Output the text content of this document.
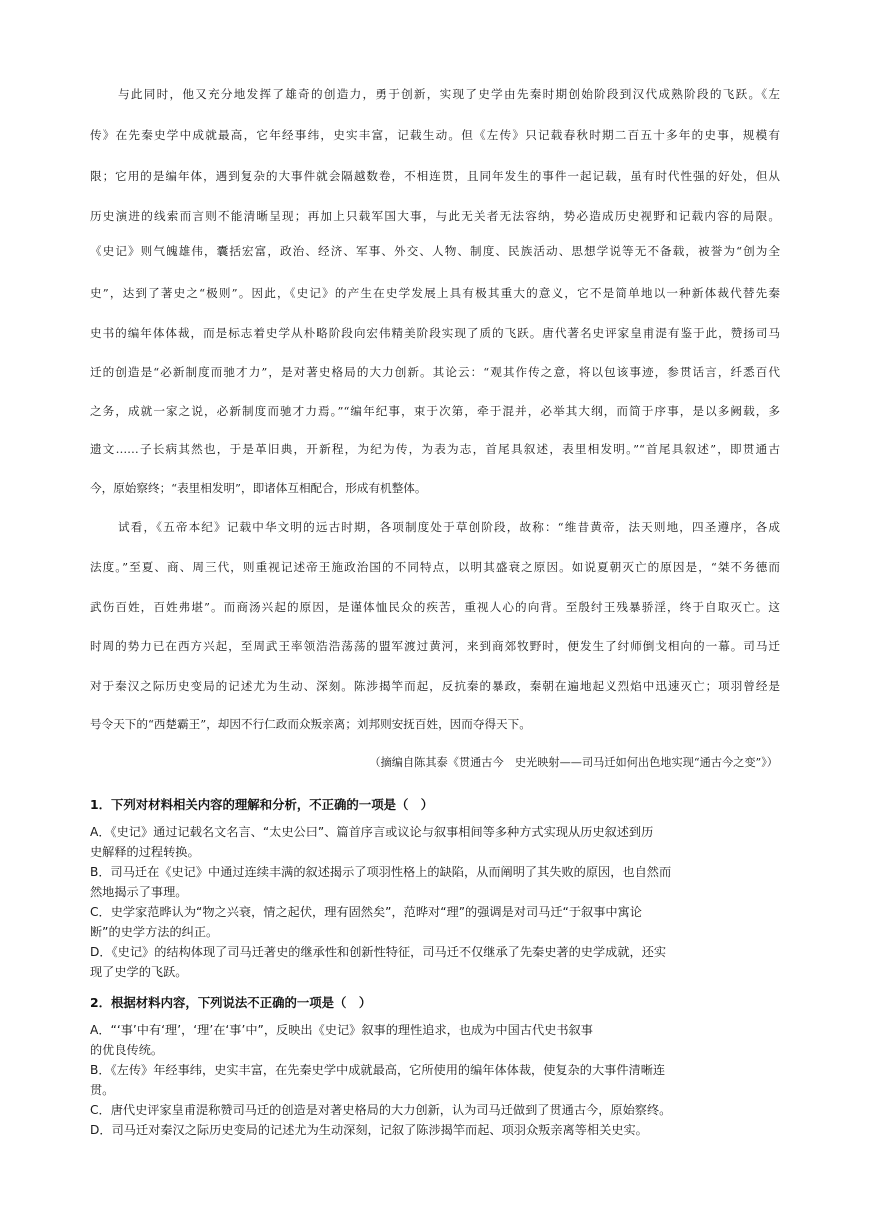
与此同时，他又充分地发挥了雄奇的创造力，勇于创新，实现了史学由先秦时期创始阶段到汉代成熟阶段的飞跃。《左
传》在先秦史学中成就最高，它年经事纬，史实丰富，记载生动。但《左传》只记载春秋时期二百五十多年的史事，规模有
限；它用的是编年体，遇到复杂的大事件就会隔越数卷，不相连贯，且同年发生的事件一起记载，虽有时代性强的好处，但从
历史演进的线索而言则不能清晰呈现；再加上只载军国大事，与此无关者无法容纳，势必造成历史视野和记载内容的局限。
《史记》则气魄雄伟，囊括宏富，政治、经济、军事、外交、人物、制度、民族活动、思想学说等无不备载，被誉为“创为全
史”，达到了著史之“极则”。因此，《史记》的产生在史学发展上具有极其重大的意义，它不是简单地以一种新体裁代替先秦
史书的编年体体裁，而是标志着史学从朴略阶段向宏伟精美阶段实现了质的飞跃。唐代著名史评家皇甫湜有鉴于此，赞扬司马
迁的创造是“必新制度而驰才力”，是对著史格局的大力创新。其论云：“观其作传之意，将以包该事迹，参贯话言，纤悉百代
之务，成就一家之说，必新制度而驰才力焉。”“编年纪事，束于次第，牵于混并，必举其大纲，而简于序事，是以多阙载，多
遗文……子长病其然也，于是革旧典，开新程，为纪为传，为表为志，首尾具叙述，表里相发明。”“首尾具叙述”，即贯通古
今，原始察终；“表里相发明”，即诸体互相配合，形成有机整体。
试看，《五帝本纪》记载中华文明的远古时期，各项制度处于草创阶段，故称：“维昔黄帝，法天则地，四圣遵序，各成
法度。”至夏、商、周三代，则重视记述帝王施政治国的不同特点，以明其盛衰之原因。如说夏朝灭亡的原因是，“桀不务德而
武伤百姓，百姓弗堪”。而商汤兴起的原因，是谨体恤民众的疾苦，重视人心的向背。至殷纣王残暴骄淫，终于自取灭亡。这
时周的势力已在西方兴起，至周武王率领浩浩荡荡的盟军渡过黄河，来到商郊牧野时，便发生了纣师倒戈相向的一幕。司马迁
对于秦汉之际历史变局的记述尤为生动、深刻。陈涉揭竿而起，反抗秦的暴政，秦朝在遍地起义烈焰中迅速灭亡；项羽曾经是
号令天下的“西楚霸王”，却因不行仁政而众叛亲离；刘邦则安抚百姓，因而夺得天下。
（摘编自陈其泰《贯通古今　史光映射——司马迁如何出色地实现“通古今之变”》）
1．下列对材料相关内容的理解和分析，不正确的一项是（　）
A．《史记》通过记载名文名言、“太史公曰”、篇首序言或议论与叙事相间等多种方式实现从历史叙述到历
史解释的过程转换。
B．司马迁在《史记》中通过连续丰满的叙述揭示了项羽性格上的缺陷，从而阐明了其失败的原因，也自然而
然地揭示了事理。
C．史学家范晔认为“物之兴衰，情之起伏，理有固然矣”，范晔对“理”的强调是对司马迁“于叙事中寓论
断”的史学方法的纠正。
D．《史记》的结构体现了司马迁著史的继承性和创新性特征，司马迁不仅继承了先秦史著的史学成就，还实
现了史学的飞跃。
2．根据材料内容，下列说法不正确的一项是（　）
A．“‘事’中有‘理’，‘理’在‘事’中”，反映出《史记》叙事的理性追求，也成为中国古代史书叙事
的优良传统。
B．《左传》年经事纬，史实丰富，在先秦史学中成就最高，它所使用的编年体体裁，使复杂的大事件清晰连
贯。
C．唐代史评家皇甫湜称赞司马迁的创造是对著史格局的大力创新，认为司马迁做到了贯通古今，原始察终。
D．司马迁对秦汉之际历史变局的记述尤为生动深刻，记叙了陈涉揭竿而起、项羽众叛亲离等相关史实。
